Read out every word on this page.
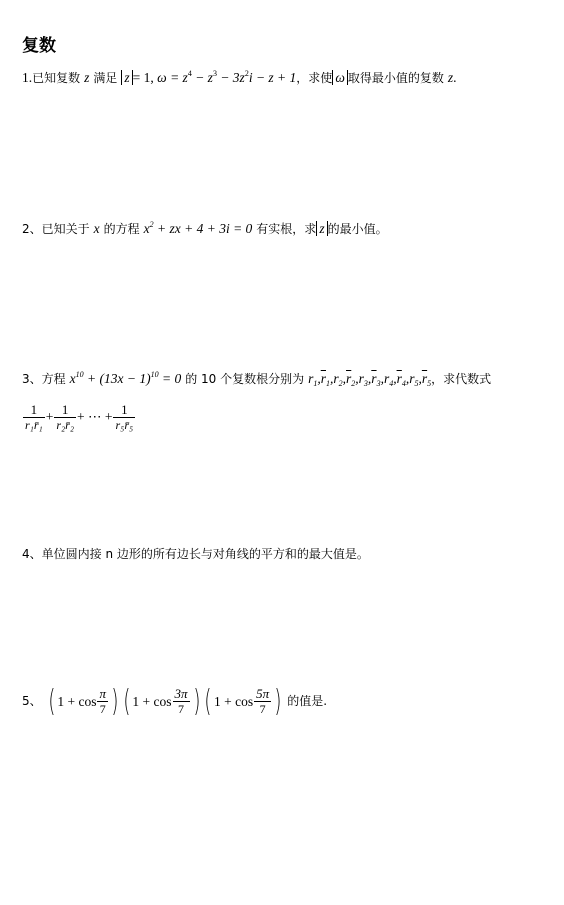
复数
1.已知复数 z 满足 z = 1, $\omega = z^4 - z^3 - 3z^2i - z + 1$，求使 ω 取得最小值的复数 z.
2、已知关于 x 的方程 $x^2$ + zx + 4 + 3i = 0 有实根，求 z 的最小值。
3、方程 $x^{10} + (13x - 1)^{10} = 0$ 的 10 个复数根分别为 $r_1,\overline{r}_1,r_2,\overline{r}_2,r_3,\overline{r}_3,r_4,\overline{r}_4,r_5,\overline{r}_5$，求代数式
$\frac{1}{\text{r₁r̄₁}} + \frac{1}{\text{r₂r̄₂}}$ + ⋯ + $\frac{1}{\text{r₅r̄₅}}$
4、单位圆内接 n 边形的所有边长与对角线的平方和的最大值是。
5、 ( $1 + \cos \frac{\pi}{7}$ ) ( $1 + \cos \frac{3\pi}{7}$ ) ( $1 + \cos \frac{5\pi}{7}$ ) 的值是.
